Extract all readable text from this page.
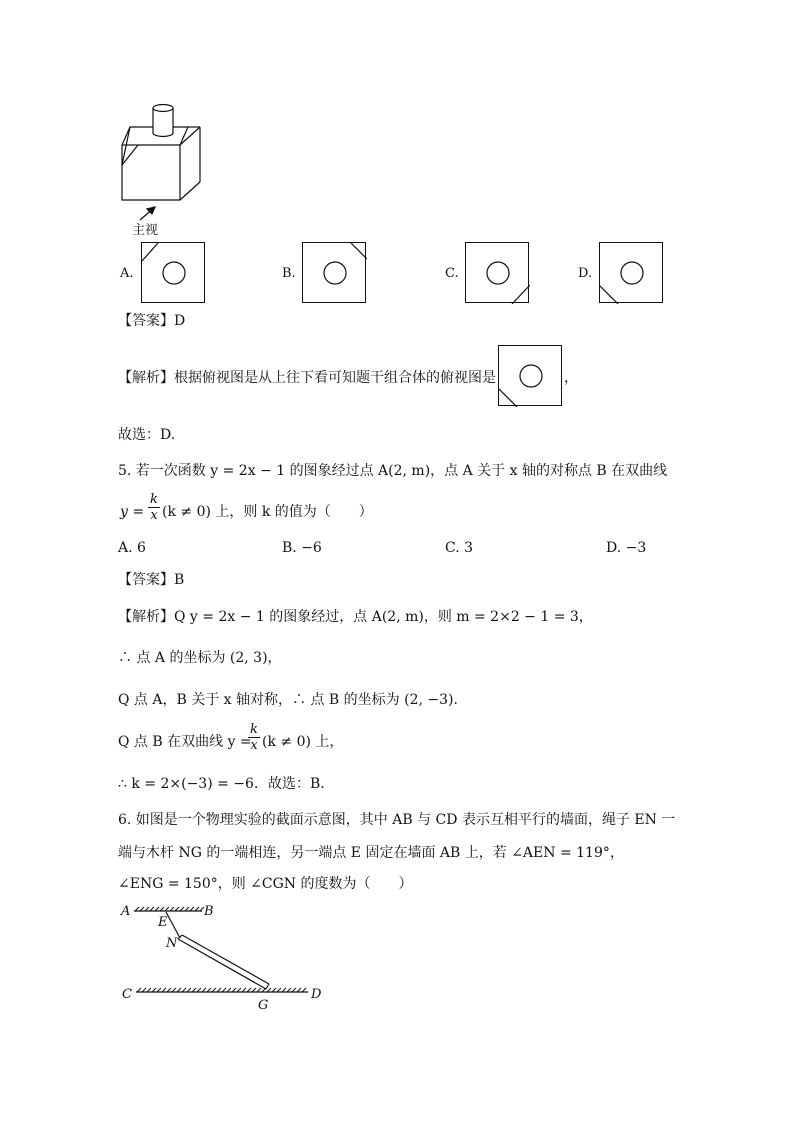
主视
A.	B.	C.	D.
【答案】D
【解析】根据俯视图是从上往下看可知题干组合体的俯视图是	，
故选：D.
5. 若一次函数 y = 2x − 1 的图象经过点 A(2, m)，点 A 关于 x 轴的对称点 B 在双曲线
y =
k
x (k ≠ 0) 上，则 k 的值为（　　）
A. 6	B. −6	C. 3	D. −3
【答案】B
【解析】Q y = 2x − 1 的图象经过，点 A(2, m)，则 m = 2×2 − 1 = 3，
∴ 点 A 的坐标为 (2, 3)，
Q 点 A，B 关于 x 轴对称，∴ 点 B 的坐标为 (2, −3)．
Q 点 B 在双曲线 y =
k
x (k ≠ 0) 上，
∴ k = 2×(−3) = −6．故选：B．
6. 如图是一个物理实验的截面示意图，其中 AB 与 CD 表示互相平行的墙面，绳子 EN 一
端与木杆 NG 的一端相连，另一端点 E 固定在墙面 AB 上，若 ∠AEN = 119°，
∠ENG = 150°，则 ∠CGN 的度数为（　　）
A	B
E
N
C	D
G
